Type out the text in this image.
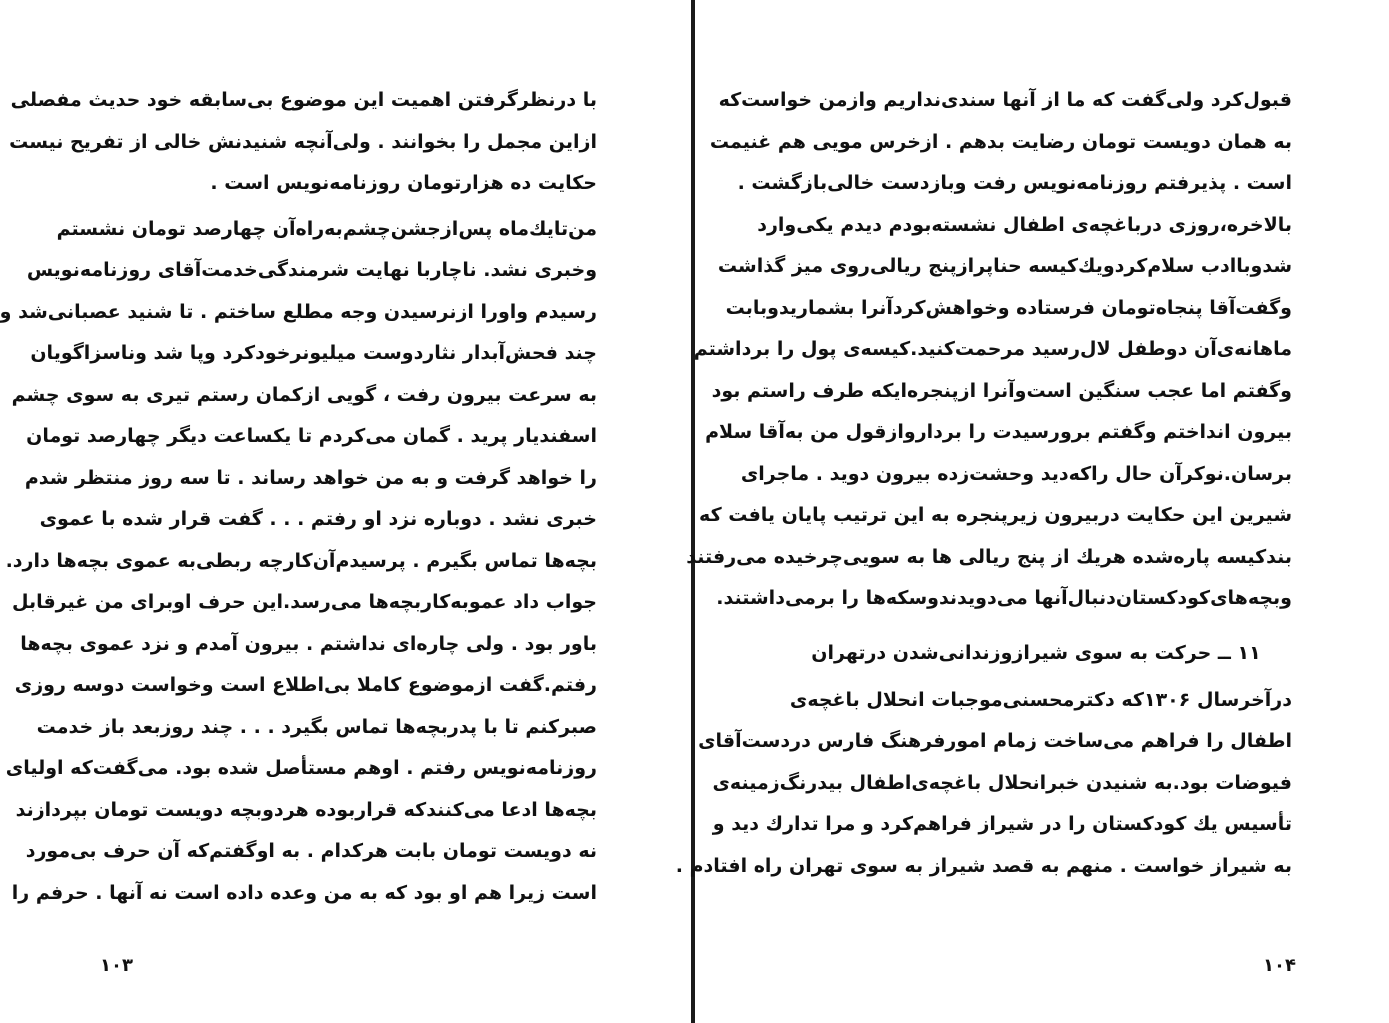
با درنظرگرفتن اهمیت این موضوع بی‌سابقه خود حدیث مفصلی
ازاین مجمل را بخوانند . ولی‌آنچه شنیدنش خالی از تفریح نیست
حکایت ده هزارتومان روزنامه‌نویس است .
من‌تایك‌ماه پس‌ازجشن‌چشم‌به‌راه‌آن چهارصد تومان نشستم
وخبری نشد. ناچاربا نهایت شرمندگی‌خدمت‌آقای روزنامه‌نویس
رسیدم واورا ازنرسیدن وجه مطلع ساختم . تا شنید عصبانی‌شد و
چند فحش‌آبدار نثاردوست میلیونرخودکرد وپا شد وناسزاگویان
به سرعت بیرون رفت ، گویی ازکمان رستم تیری به سوی چشم
اسفندیار پرید . گمان می‌کردم تا یکساعت دیگر چهارصد تومان
را خواهد گرفت و به من خواهد رساند . تا سه روز منتظر شدم
خبری نشد . دوباره نزد او رفتم . . . گفت قرار شده با عموی
بچه‌ها تماس بگیرم . پرسیدم‌آن‌کارچه ربطی‌به عموی بچه‌ها دارد.
جواب داد عموبه‌کاربچه‌ها می‌رسد.این حرف اوبرای من غیرقابل
باور بود . ولی چاره‌ای نداشتم . بیرون آمدم و نزد عموی بچه‌ها
رفتم.گفت ازموضوع کاملا بی‌اطلاع است وخواست دوسه روزی
صبرکنم تا با پدربچه‌ها تماس بگیرد . . . چند روزبعد باز خدمت
روزنامه‌نویس رفتم . اوهم مستأصل شده بود. می‌گفت‌که اولیای
بچه‌ها ادعا می‌کنندکه قراربوده هردوبچه دویست تومان بپردازند
نه دویست تومان بابت هرکدام . به اوگفتم‌که آن حرف بی‌مورد
است زیرا هم او بود که به من وعده داده است نه آنها . حرفم را
۱۰۳
قبول‌کرد ولی‌گفت که ما از آنها سندی‌نداریم وازمن خواست‌که
به همان دویست تومان رضایت بدهم . ازخرس مویی هم غنیمت
است . پذیرفتم روزنامه‌نویس رفت وبازدست خالی‌بازگشت .
بالاخره،روزی درباغچه‌ی اطفال نشسته‌بودم دیدم یکی‌وارد
شدوباادب سلام‌کردویك‌کیسه حناپرازپنج ریالی‌روی میز گذاشت
وگفت‌آقا پنجاه‌تومان فرستاده وخواهش‌کردآنرا بشماریدوبابت
ماهانه‌ی‌آن دوطفل لال‌رسید مرحمت‌کنید.کیسه‌ی پول را برداشتم
وگفتم اما عجب سنگین است‌وآنرا ازپنجره‌ایکه طرف راستم بود
بیرون انداختم وگفتم برورسیدت را برداروازقول من به‌آقا سلام
برسان.نوکرآن حال راکه‌دید وحشت‌زده بیرون دوید . ماجرای
شیرین این حکایت دربیرون زیرپنجره به این ترتیب پایان یافت که
بندکیسه پاره‌شده هریك از پنج ریالی ها به سویی‌چرخیده می‌رفتند
وبچه‌های‌کودکستان‌دنبال‌آنها می‌دویدندوسکه‌ها را برمی‌داشتند.
۱۱ ــ حرکت به سوی شیرازوزندانی‌شدن درتهران
درآخرسال ۱۳۰۶که دکترمحسنی‌موجبات انحلال باغچه‌ی
اطفال را فراهم می‌ساخت زمام امورفرهنگ فارس دردست‌آقای
فیوضات بود.به شنیدن خبرانحلال باغچه‌ی‌اطفال بیدرنگ‌زمینه‌ی
تأسیس یك کودکستان را در شیراز فراهم‌کرد و مرا تدارك دید و
به شیراز خواست . منهم به قصد شیراز به سوی تهران راه افتادم .
۱۰۴
